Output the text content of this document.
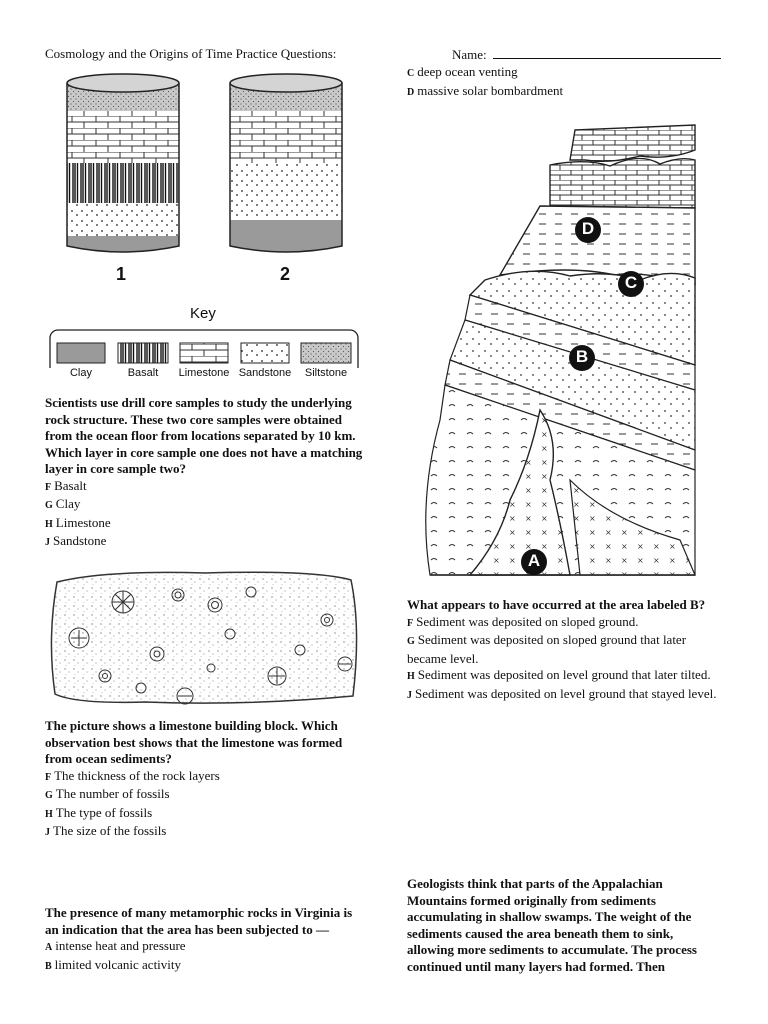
Cosmology and the Origins of Time Practice Questions:	Name:
C deep ocean venting
D massive solar bombardment
1	2
Key
Clay	Basalt	Limestone Sandstone	Siltstone
Scientists use drill core samples to study the underlying rock structure. These two core samples were obtained from the ocean floor from locations separated by 10 km. Which layer in core sample one does not have a matching layer in core sample two?
F Basalt
G Clay
H Limestone
J Sandstone
The picture shows a limestone building block. Which observation best shows that the limestone was formed from ocean sediments?
F The thickness of the rock layers
G The number of fossils
H The type of fossils
J The size of the fossils
The presence of many metamorphic rocks in Virginia is an indication that the area has been subjected to —
A intense heat and pressure
B limited volcanic activity
D
C
B
A
What appears to have occurred at the area labeled B?
F Sediment was deposited on sloped ground.
G Sediment was deposited on sloped ground that later became level.
H Sediment was deposited on level ground that later tilted.
J Sediment was deposited on level ground that stayed level.
Geologists think that parts of the Appalachian Mountains formed originally from sediments accumulating in shallow swamps. The weight of the sediments caused the area beneath them to sink, allowing more sediments to accumulate. The process continued until many layers had formed. Then
